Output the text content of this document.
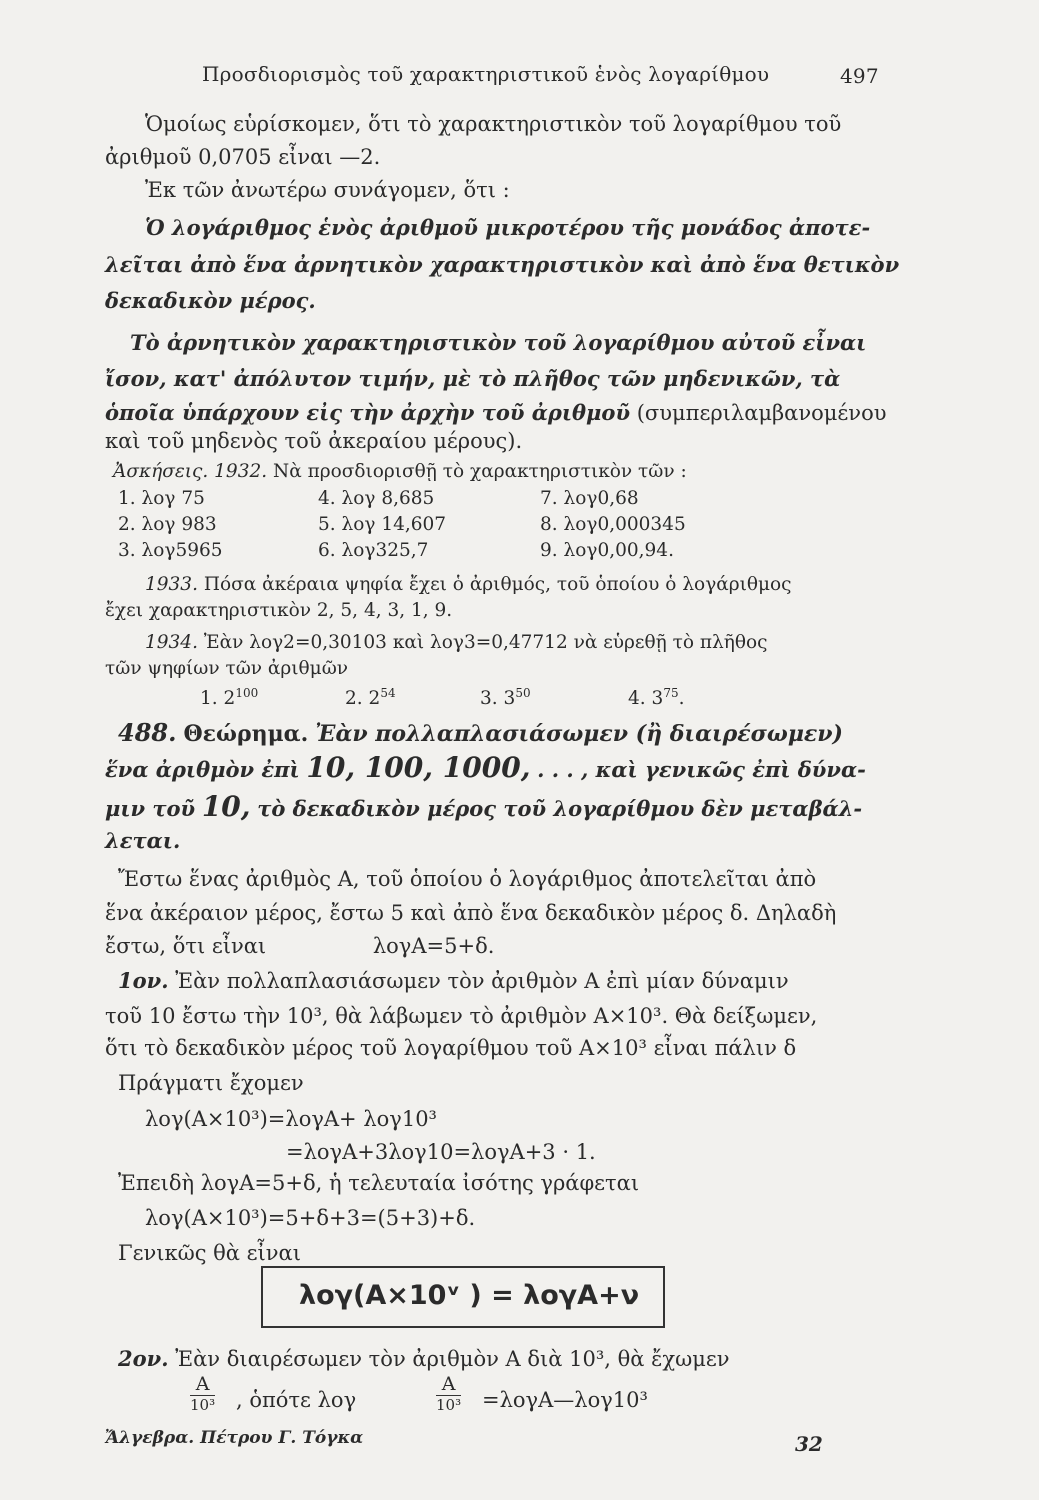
Προσδιορισμὸς τοῦ χαρακτηριστικοῦ ἑνὸς λογαρίθμου	497
Ὁμοίως εὑρίσκομεν, ὅτι τὸ χαρακτηριστικὸν τοῦ λογαρίθμου τοῦ
ἀριθμοῦ 0,0705 εἶναι —2.
Ἐκ τῶν ἀνωτέρω συνάγομεν, ὅτι :
Ὁ λογάριθμος ἑνὸς ἀριθμοῦ μικροτέρου τῆς μονάδος ἀποτε-
λεῖται ἀπὸ ἕνα ἀρνητικὸν χαρακτηριστικὸν καὶ ἀπὸ ἕνα θετικὸν
δεκαδικὸν μέρος.
Τὸ ἀρνητικὸν χαρακτηριστικὸν τοῦ λογαρίθμου αὐτοῦ εἶναι
ἴσον, κατ' ἀπόλυτον τιμήν, μὲ τὸ πλῆθος τῶν μηδενικῶν, τὰ
ὁποῖα ὑπάρχουν εἰς τὴν ἀρχὴν τοῦ ἀριθμοῦ (συμπεριλαμβανομένου
καὶ τοῦ μηδενὸς τοῦ ἀκεραίου μέρους).
Ἀσκήσεις. 1932. Νὰ προσδιορισθῇ τὸ χαρακτηριστικὸν τῶν :
1. λογ 75	4. λογ 8,685	7. λογ0,68
2. λογ 983	5. λογ 14,607	8. λογ0,000345
3. λογ5965	6. λογ325,7	9. λογ0,00,94.
1933. Πόσα ἀκέραια ψηφία ἔχει ὁ ἀριθμός, τοῦ ὁποίου ὁ λογάριθμος
ἔχει χαρακτηριστικὸν 2, 5, 4, 3, 1, 9.
1934. Ἐὰν λογ2=0,30103 καὶ λογ3=0,47712 νὰ εὑρεθῇ τὸ πλῆθος
τῶν ψηφίων τῶν ἀριθμῶν
1. $2^{100}$	2. $2^{54}$	3. $3^{50}$	4. $3^{75}$.
488. Θεώρημα. Ἐὰν πολλαπλασιάσωμεν (ἢ διαιρέσωμεν)
ἕνα ἀριθμὸν ἐπὶ 10, 100, 1000, . . . , καὶ γενικῶς ἐπὶ δύνα-
μιν τοῦ 10, τὸ δεκαδικὸν μέρος τοῦ λογαρίθμου δὲν μεταβάλ-
λεται.
Ἔστω ἕνας ἀριθμὸς Α, τοῦ ὁποίου ὁ λογάριθμος ἀποτελεῖται ἀπὸ
ἕνα ἀκέραιον μέρος, ἔστω 5 καὶ ἀπὸ ἕνα δεκαδικὸν μέρος δ. Δηλαδὴ
ἔστω, ὅτι εἶναι	λογΑ=5+δ.
1ον. Ἐὰν πολλαπλασιάσωμεν τὸν ἀριθμὸν Α ἐπὶ μίαν δύναμιν
τοῦ 10 ἔστω τὴν 10³, θὰ λάβωμεν τὸ ἀριθμὸν Α×10³. Θὰ δείξωμεν,
ὅτι τὸ δεκαδικὸν μέρος τοῦ λογαρίθμου τοῦ Α×10³ εἶναι πάλιν δ
Πράγματι ἔχομεν
λογ(Α×10³)=λογΑ+ λογ10³
=λογΑ+3λογ10=λογΑ+3 · 1.
Ἐπειδὴ λογΑ=5+δ, ἡ τελευταία ἰσότης γράφεται
λογ(Α×10³)=5+δ+3=(5+3)+δ.
Γενικῶς θὰ εἶναι
λογ(Α×10ᵛ ) = λογΑ+ν
2ον. Ἐὰν διαιρέσωμεν τὸν ἀριθμὸν Α διὰ 10³, θὰ ἔχωμεν
Α
10³ , ὁπότε λογ
Α
10³ =λογΑ—λογ10³
Ἄλγεβρα. Πέτρου Γ. Τόγκα	32
